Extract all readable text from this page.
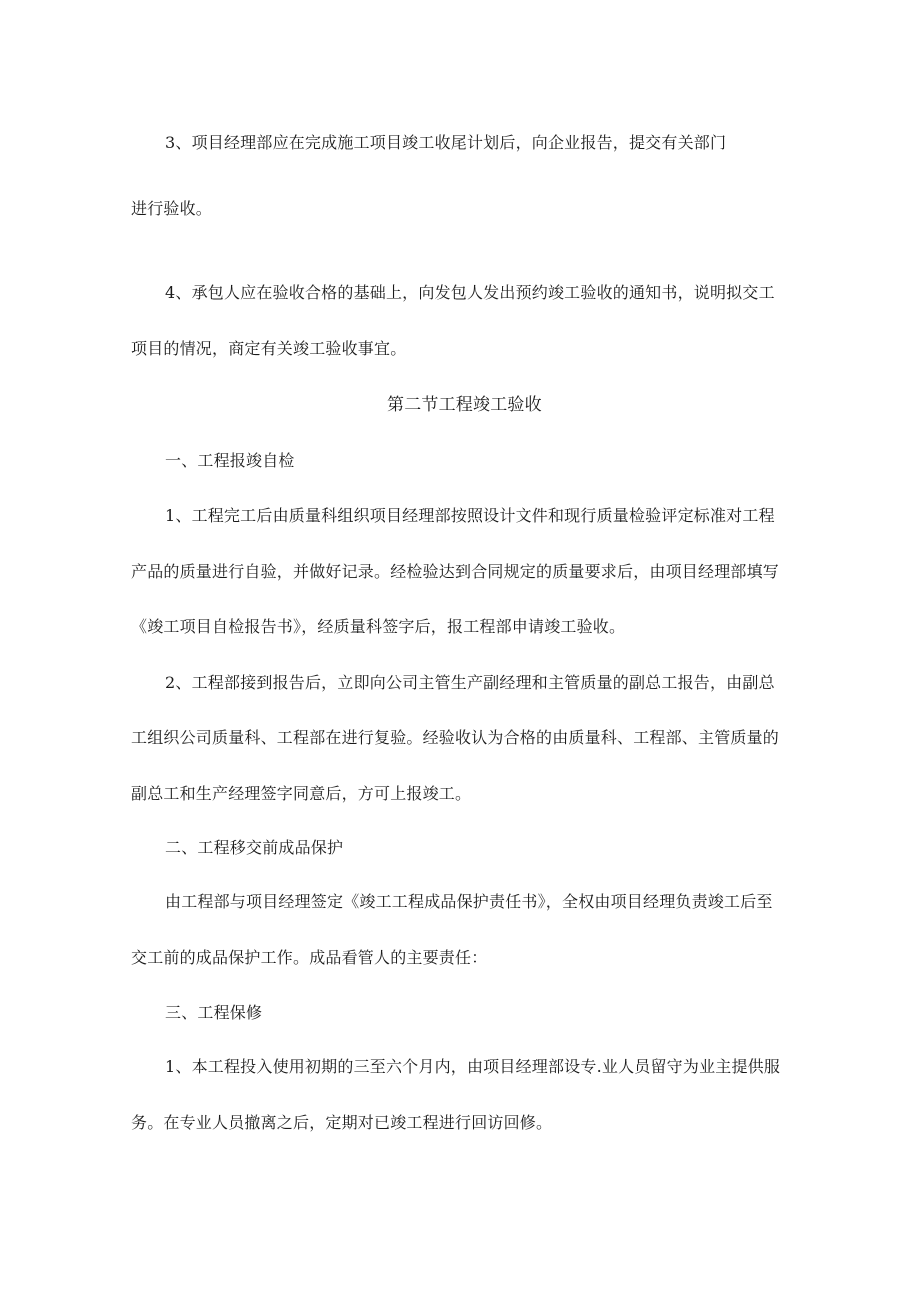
3、项目经理部应在完成施工项目竣工收尾计划后，向企业报告，提交有关部门
进行验收。
4、承包人应在验收合格的基础上，向发包人发出预约竣工验收的通知书，说明拟交工
项目的情况，商定有关竣工验收事宜。
第二节工程竣工验收
一、工程报竣自检
1、工程完工后由质量科组织项目经理部按照设计文件和现行质量检验评定标准对工程
产品的质量进行自验，并做好记录。经检验达到合同规定的质量要求后，由项目经理部填写
《竣工项目自检报告书》，经质量科签字后，报工程部申请竣工验收。
2、工程部接到报告后，立即向公司主管生产副经理和主管质量的副总工报告，由副总
工组织公司质量科、工程部在进行复验。经验收认为合格的由质量科、工程部、主管质量的
副总工和生产经理签字同意后，方可上报竣工。
二、工程移交前成品保护
由工程部与项目经理签定《竣工工程成品保护责任书》，全权由项目经理负责竣工后至
交工前的成品保护工作。成品看管人的主要责任：
三、工程保修
1、本工程投入使用初期的三至六个月内，由项目经理部设专.业人员留守为业主提供服
务。在专业人员撤离之后，定期对已竣工程进行回访回修。
